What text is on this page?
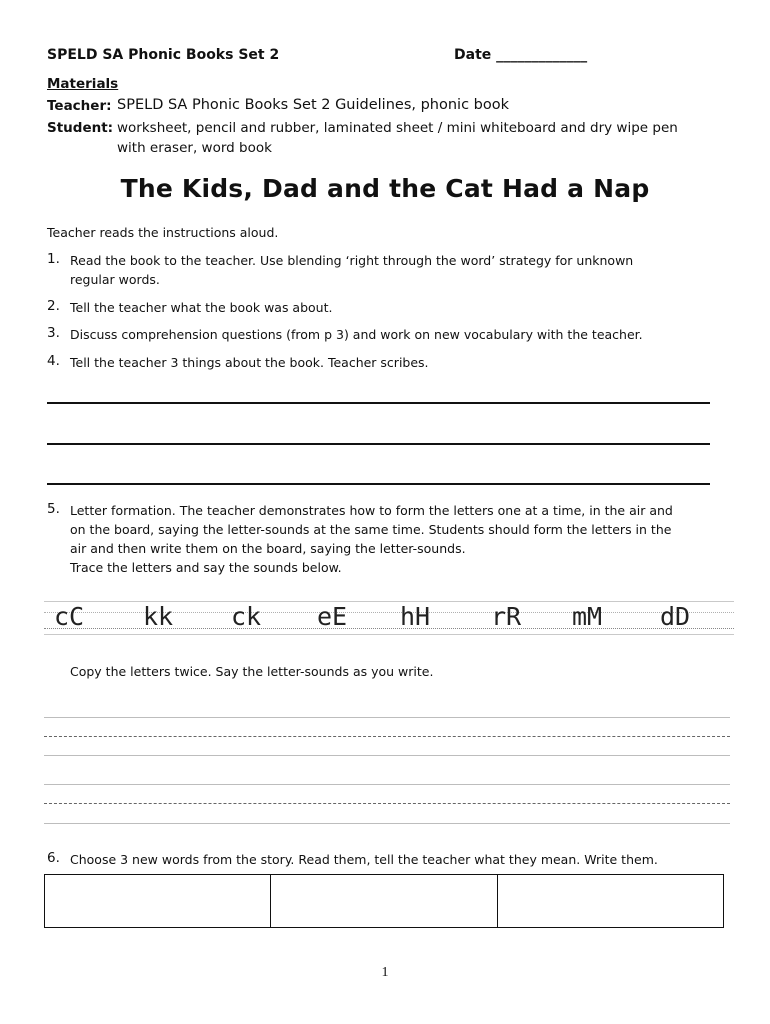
SPELD SA Phonic Books Set 2	Date _____________
Materials
Teacher: SPELD SA Phonic Books Set 2 Guidelines, phonic book
Student: worksheet, pencil and rubber, laminated sheet / mini whiteboard and dry wipe pen
with eraser, word book
The Kids, Dad and the Cat Had a Nap
Teacher reads the instructions aloud.
1. Read the book to the teacher. Use blending ‘right through the word’ strategy for unknown
regular words.
2. Tell the teacher what the book was about.
3. Discuss comprehension questions (from p 3) and work on new vocabulary with the teacher.
4. Tell the teacher 3 things about the book. Teacher scribes.
5. Letter formation. The teacher demonstrates how to form the letters one at a time, in the air and
on the board, saying the letter-sounds at the same time. Students should form the letters in the
air and then write them on the board, saying the letter-sounds.
Trace the letters and say the sounds below.
cC kk ck eE hH rR mM dD
Copy the letters twice. Say the letter-sounds as you write.
6. Choose 3 new words from the story. Read them, tell the teacher what they mean. Write them.

1
